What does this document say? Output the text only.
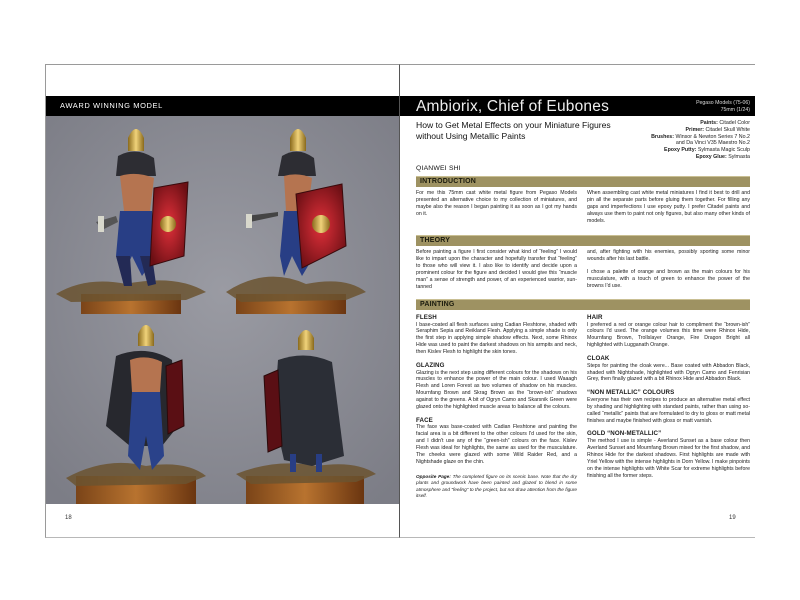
AWARD WINNING MODEL
18
Ambiorix, Chief of Eubones	Pegaso Models (75-06)
75mm (1/24)
How to Get Metal Effects on your Miniature Figures without Using Metallic Paints
Paints: Citadel Color
Primer: Citadel Skull White
Brushes: Winsor & Newton Series 7 No.2
and Da Vinci V35 Maestro No.2
Epoxy Putty: Sylmasta Magic Sculp
Epoxy Glue: Sylmasta
QIANWEI SHI
INTRODUCTION

For me this 75mm cast white metal figure from Pegaso Models presented an alternative choice to my collection of miniatures, and maybe also the reason I began painting it as soon as I got my hands on it.

When assembling cast white metal miniatures I find it best to drill and pin all the separate parts before gluing them together. For filling any gaps and imperfections I use epoxy putty. I prefer Citadel paints and always use them to paint not only figures, but also many other kinds of models.

THEORY

Before painting a figure I first consider what kind of “feeling” I would like to impart upon the character and hopefully transfer that “feeling” to those who will view it. I also like to identify and decide upon a prominent colour for the figure and decided I would give this “muscle man” a sense of strength and power, of an experienced warrior, sun-tanned

and, after fighting with his enemies, possibly sporting some minor wounds after his last battle.

I chose a palette of orange and brown as the main colours for his musculature, with a touch of green to enhance the power of the browns I'd use.

PAINTING
FLESH

I base-coated all flesh surfaces using Cadian Fleshtone, shaded with Seraphim Sepia and Reikland Flesh. Applying a simple shade is only the first step in applying simple shadow effects. Next, some Rhinox Hide was used to paint the darkest shadows on his armpits and neck, then Kislev Flesh to highlight the skin tones.

GLAZING

Glazing is the next step using different colours for the shadows on his muscles to enhance the power of the main colour. I used Waaagh Flesh and Loren Forest as two volumes of shadow on his muscles. Mournfang Brown and Skrag Brown as the “brown-ish” shadows against to the greens. A bit of Ogryn Camo and Skarsnik Green were glazed onto the highlighted muscle areas to balance all the colours.

FACE

The face was base-coated with Cadian Fleshtone and painting the facial area is a bit different to the other colours I'd used for the skin, and I didn't use any of the “green-ish” colours on the face. Kislev Flesh was ideal for highlights, the same as used for the musculature. The cheeks were glazed with some Wild Raider Red, and a Nightshade glaze on the chin.

Opposite Page: The completed figure on its scenic base. Note that the dry plants and groundwork have been painted and glazed to blend in some atmosphere and “feeling” to the project, but not draw attention from the figure itself.
HAIR

I preferred a red or orange colour hair to compliment the “brown-ish” colours I'd used. The orange volumes this time were Rhinox Hide, Mournfang Brown, Trollslayer Orange, Fire Dragon Bright all highlighted with Lugganath Orange.

CLOAK

Steps for painting the cloak were... Base coated with Abbadon Black, shaded with Nightshade, highlighted with Ogryn Camo and Fenrisian Grey, then finally glazed with a bit Rhinox Hide and Abbadon Black.

“NON METALLIC” COLOURS

Everyone has their own recipes to produce an alternative metal effect by shading and highlighting with standard paints, rather than using so-called “metallic” paints that are formulated to dry to gloss or matt metal finishes and maybe finished with gloss or matt varnish.

GOLD “NON-METALLIC”

The method I use is simple - Averland Sunset as a base colour then Averland Sunset and Mournfang Brown mixed for the first shadow, and Rhinox Hide for the darkest shadows. First highlights are made with Yriel Yellow with the intense highlights in Dorn Yellow. I make pinpoints on the intense highlights with White Scar for extreme highlights before finishing all the former steps.

19
